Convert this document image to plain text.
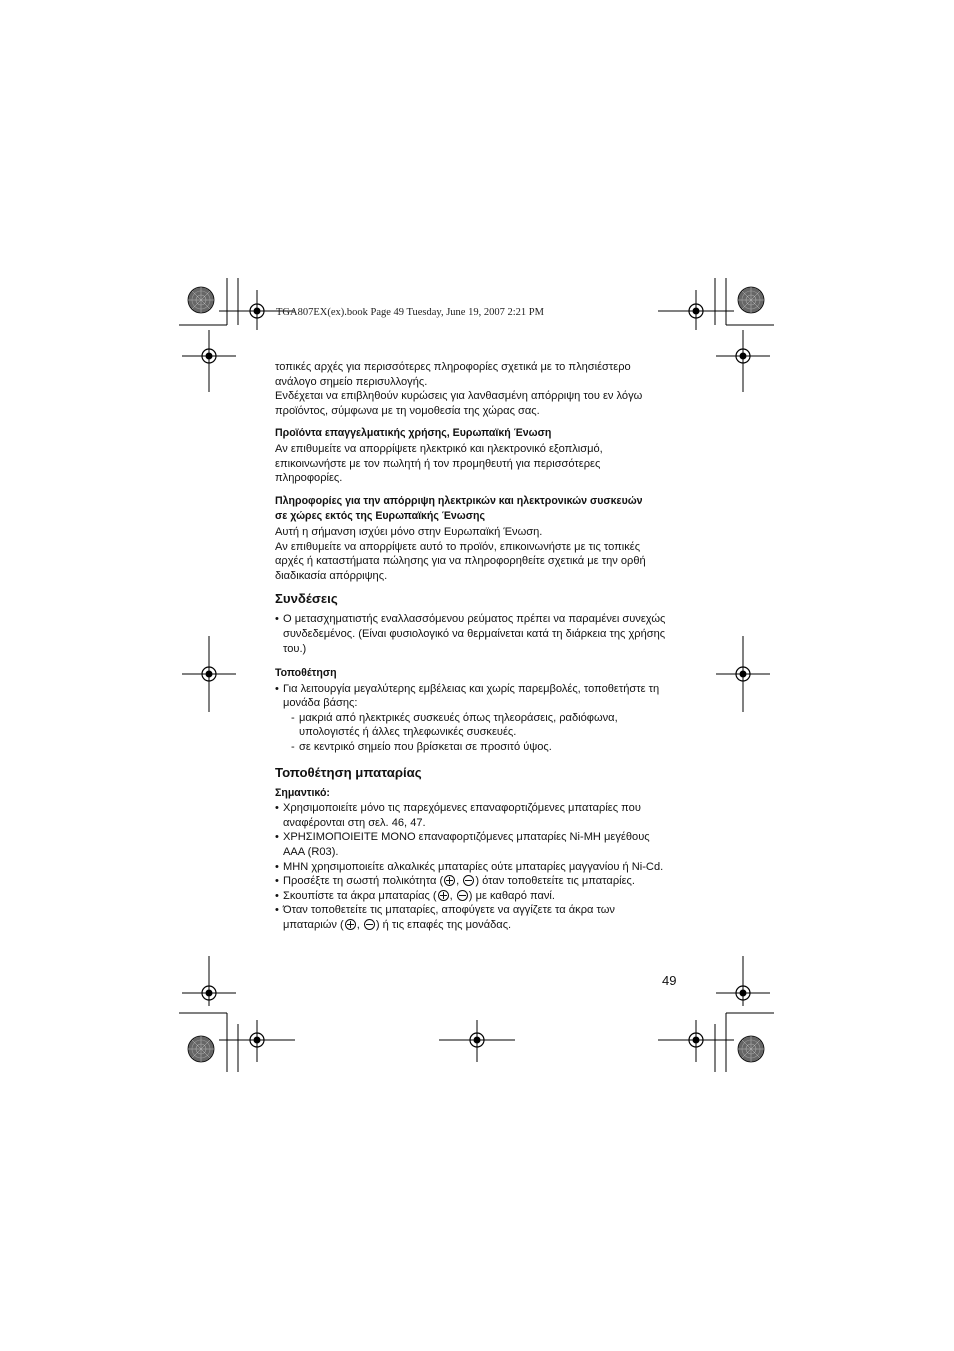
TGA807EX(ex).book Page 49 Tuesday, June 19, 2007 2:21 PM

τοπικές αρχές για περισσότερες πληροφορίες σχετικά με το πλησιέστερο

ανάλογο σημείο περισυλλογής.

Ενδέχεται να επιβληθούν κυρώσεις για λανθασμένη απόρριψη του εν λόγω

προϊόντος, σύμφωνα με τη νομοθεσία της χώρας σας.

Προϊόντα επαγγελματικής χρήσης, Ευρωπαϊκή Ένωση

Αν επιθυμείτε να απορρίψετε ηλεκτρικό και ηλεκτρονικό εξοπλισμό,

επικοινωνήστε με τον πωλητή ή τον προμηθευτή για περισσότερες

πληροφορίες.

Πληροφορίες για την απόρριψη ηλεκτρικών και ηλεκτρονικών συσκευών

σε χώρες εκτός της Ευρωπαϊκής Ένωσης

Αυτή η σήμανση ισχύει μόνο στην Ευρωπαϊκή Ένωση.

Αν επιθυμείτε να απορρίψετε αυτό το προϊόν, επικοινωνήστε με τις τοπικές

αρχές ή καταστήματα πώλησης για να πληροφορηθείτε σχετικά με την ορθή

διαδικασία απόρριψης.

Συνδέσεις
• Ο μετασχηματιστής εναλλασσόμενου ρεύματος πρέπει να παραμένει συνεχώς
συνδεδεμένος. (Είναι φυσιολογικό να θερμαίνεται κατά τη διάρκεια της χρήσης
του.)

Τοποθέτηση

• Για λειτουργία μεγαλύτερης εμβέλειας και χωρίς παρεμβολές, τοποθετήστε τη
μονάδα βάσης:
- μακριά από ηλεκτρικές συσκευές όπως τηλεοράσεις, ραδιόφωνα,
υπολογιστές ή άλλες τηλεφωνικές συσκευές.
- σε κεντρικό σημείο που βρίσκεται σε προσιτό ύψος.
Τοποθέτηση μπαταρίας

Σημαντικό:

• Χρησιμοποιείτε μόνο τις παρεχόμενες επαναφορτιζόμενες μπαταρίες που
αναφέρονται στη σελ. 46, 47.
• ΧΡΗΣΙΜΟΠΟΙΕΙΤΕ ΜΟΝΟ επαναφορτιζόμενες μπαταρίες Ni-MH μεγέθους
AAA (R03).
• ΜΗΝ χρησιμοποιείτε αλκαλικές μπαταρίες ούτε μπαταρίες μαγγανίου ή Ni-Cd.
• Προσέξτε τη σωστή πολικότητα ( , ) όταν τοποθετείτε τις μπαταρίες.
• Σκουπίστε τα άκρα μπαταρίας ( , ) με καθαρό πανί.
• Όταν τοποθετείτε τις μπαταρίες, αποφύγετε να αγγίζετε τα άκρα των
μπαταριών ( , ) ή τις επαφές της μονάδας.
49
